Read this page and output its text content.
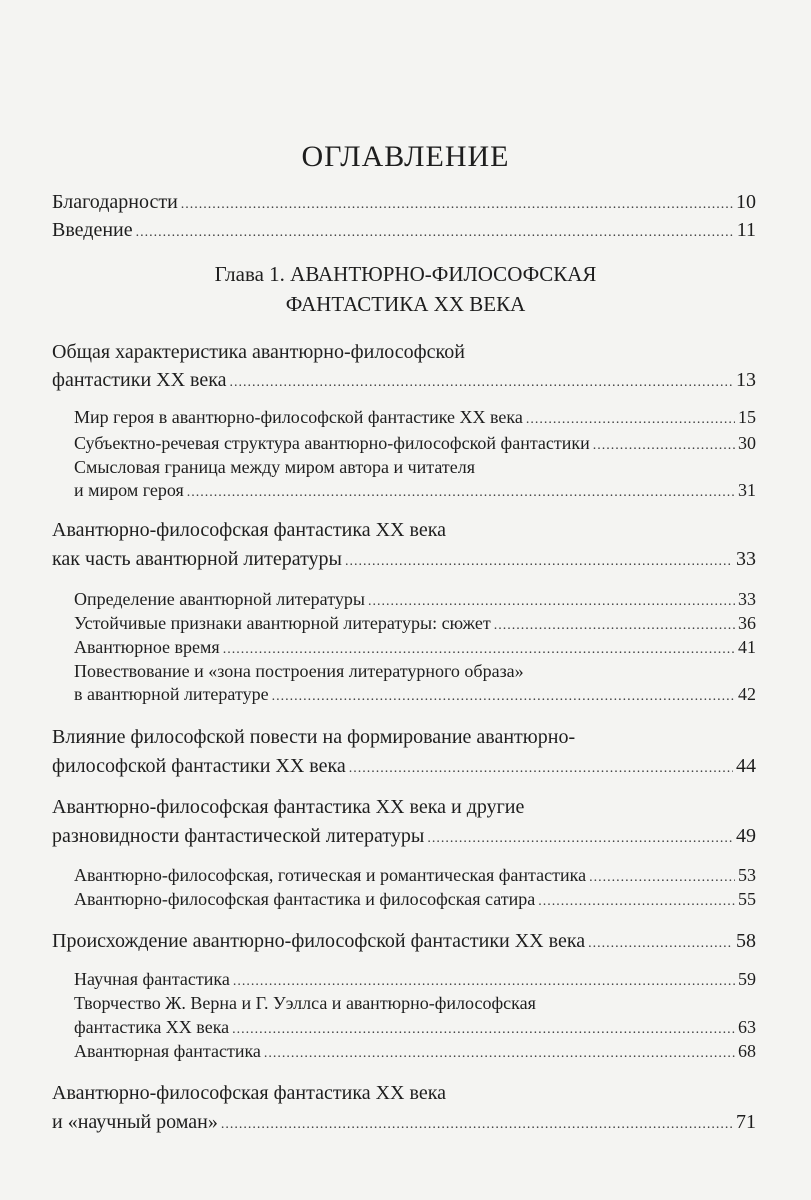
ОГЛАВЛЕНИЕ
Благодарности .....	10
Введение .....	11
Глава 1. АВАНТЮРНО-ФИЛОСОФСКАЯ
ФАНТАСТИКА XX ВЕКА
Общая характеристика авантюрно-философской
фантастики XX века .....	13
Мир героя в авантюрно-философской фантастике XX века .....	15
Субъектно-речевая структура авантюрно-философской фантастики .....	30
Смысловая граница между миром автора и читателя
и миром героя .....	31
Авантюрно-философская фантастика XX века
как часть авантюрной литературы .....	33
Определение авантюрной литературы .....	33
Устойчивые признаки авантюрной литературы: сюжет .....	36
Авантюрное время .....	41
Повествование и «зона построения литературного образа»
в авантюрной литературе .....	42
Влияние философской повести на формирование авантюрно-
философской фантастики XX века .....	44
Авантюрно-философская фантастика XX века и другие
разновидности фантастической литературы .....	49
Авантюрно-философская, готическая и романтическая фантастика .....	53
Авантюрно-философская фантастика и философская сатира .....	55
Происхождение авантюрно-философской фантастики XX века .....	58
Научная фантастика .....	59
Творчество Ж. Верна и Г. Уэллса и авантюрно-философская
фантастика XX века .....	63
Авантюрная фантастика .....	68
Авантюрно-философская фантастика XX века
и «научный роман» .....	71
